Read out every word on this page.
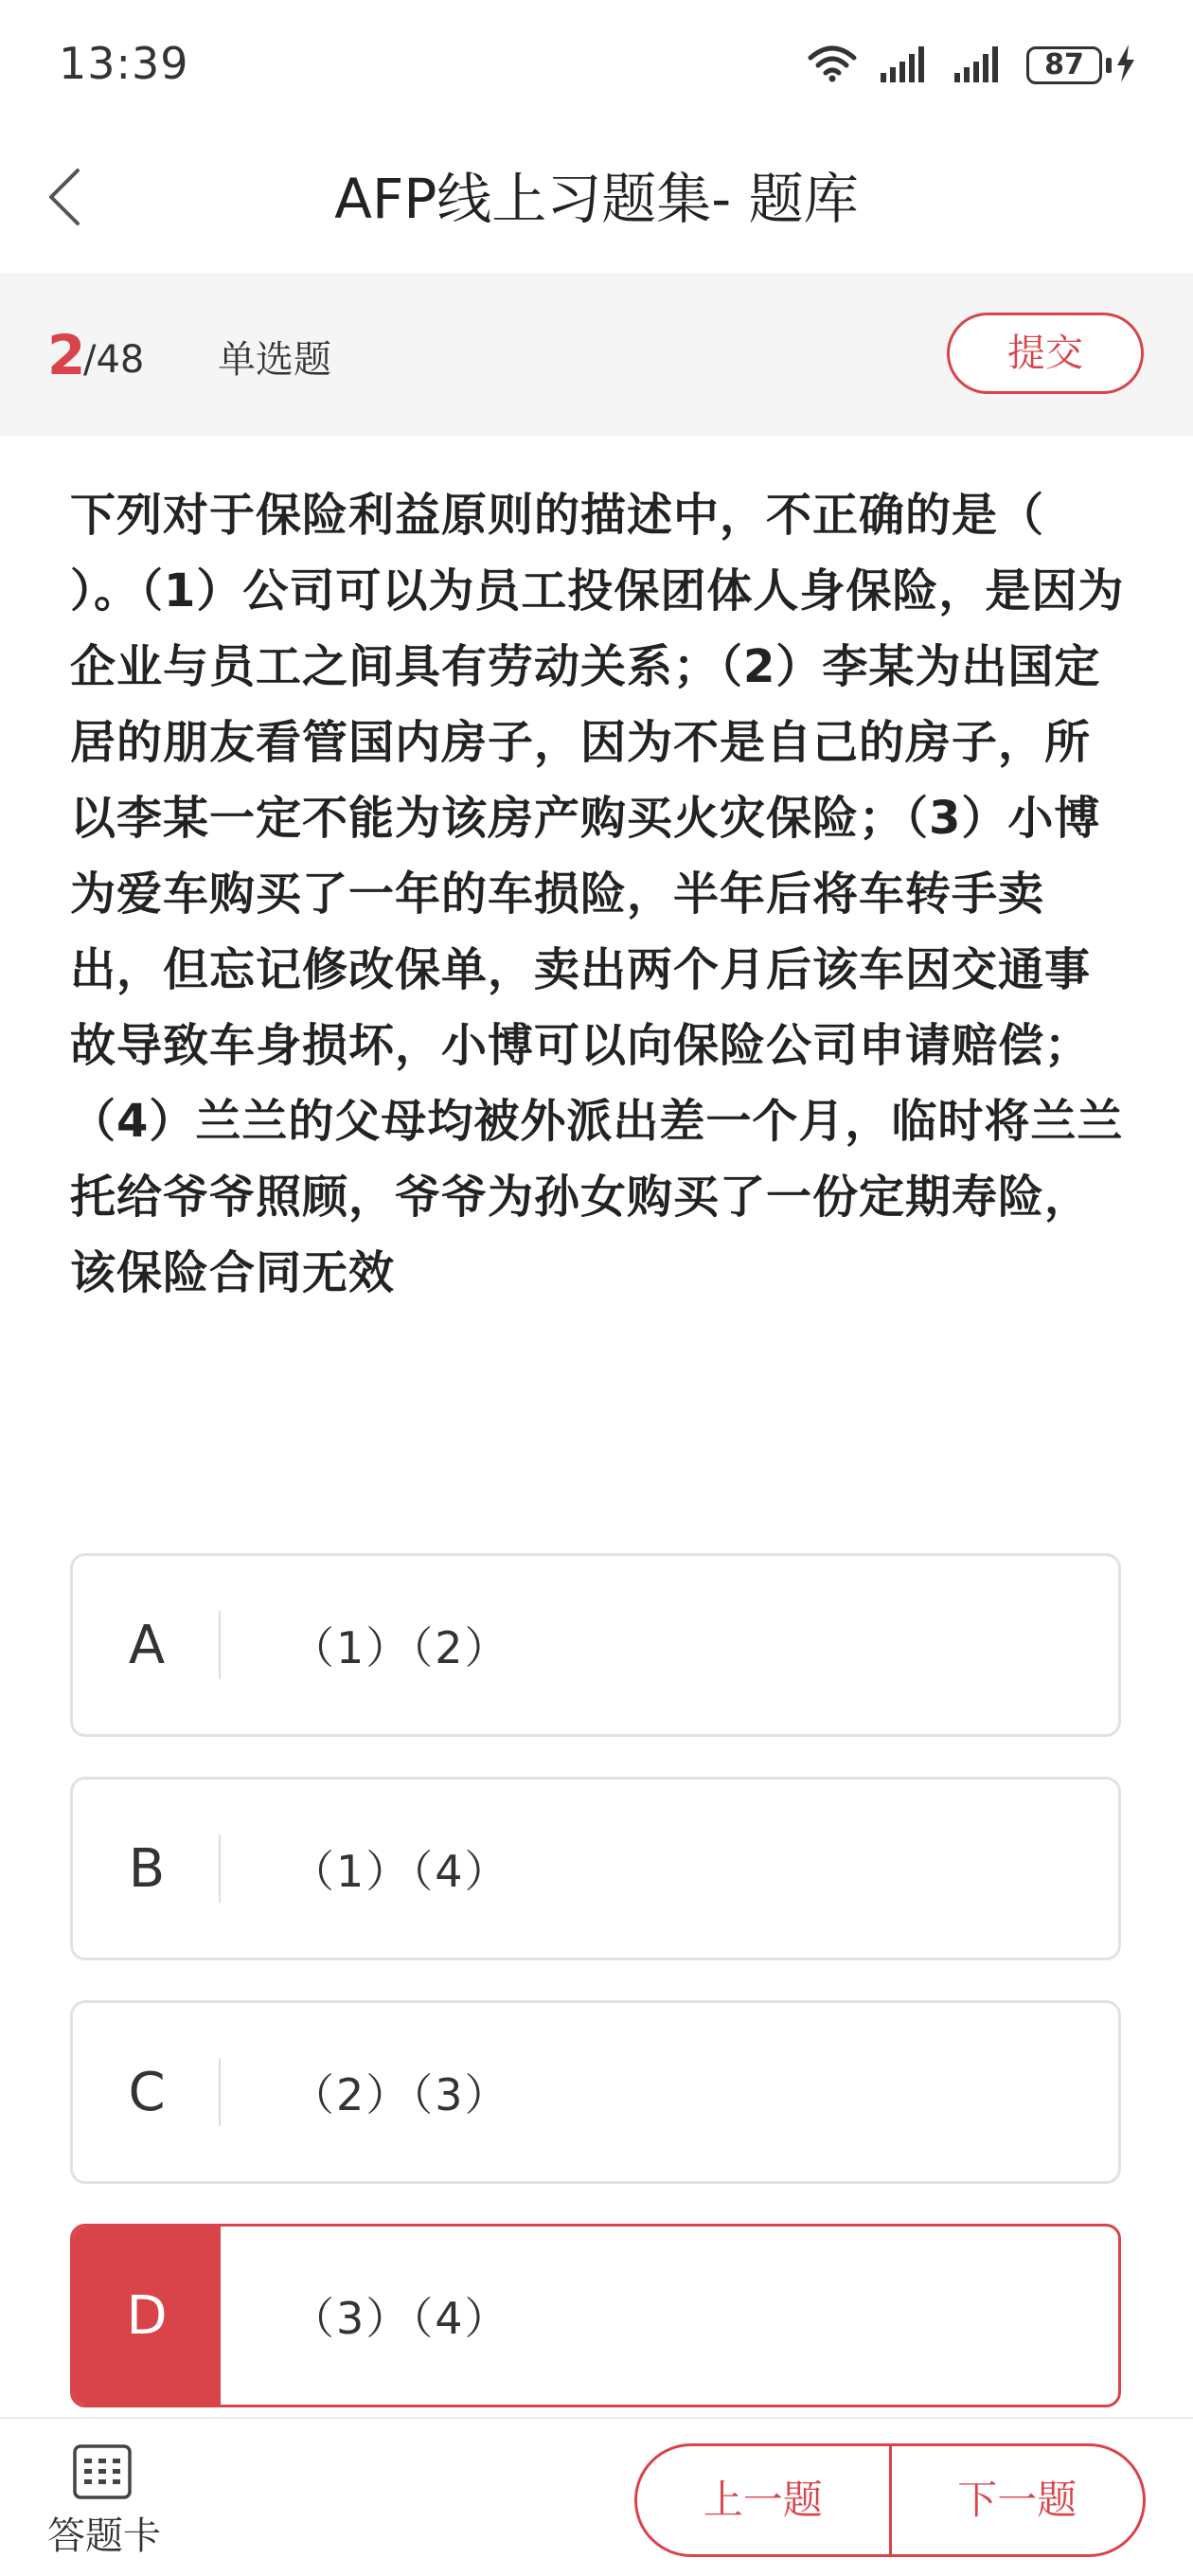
13:39	87
AFP线上习题集- 题库
2
/48 单选题	提交
下列对于保险利益原则的描述中，不正确的是（ ）。（1）公司可以为员工投保团体人身保险，是因为企业与员工之间具有劳动关系；（2）李某为出国定居的朋友看管国内房子，因为不是自己的房子，所以李某一定不能为该房产购买火灾保险；（3）小博为爱车购买了一年的车损险，半年后将车转手卖出，但忘记修改保单，卖出两个月后该车因交通事故导致车身损坏，小博可以向保险公司申请赔偿；（4）兰兰的父母均被外派出差一个月，临时将兰兰托给爷爷照顾，爷爷为孙女购买了一份定期寿险，该保险合同无效
A	（1）（2）
B	（1）（4）
C	（2）（3）
D	（3）（4）
答题卡
上一题	下一题
